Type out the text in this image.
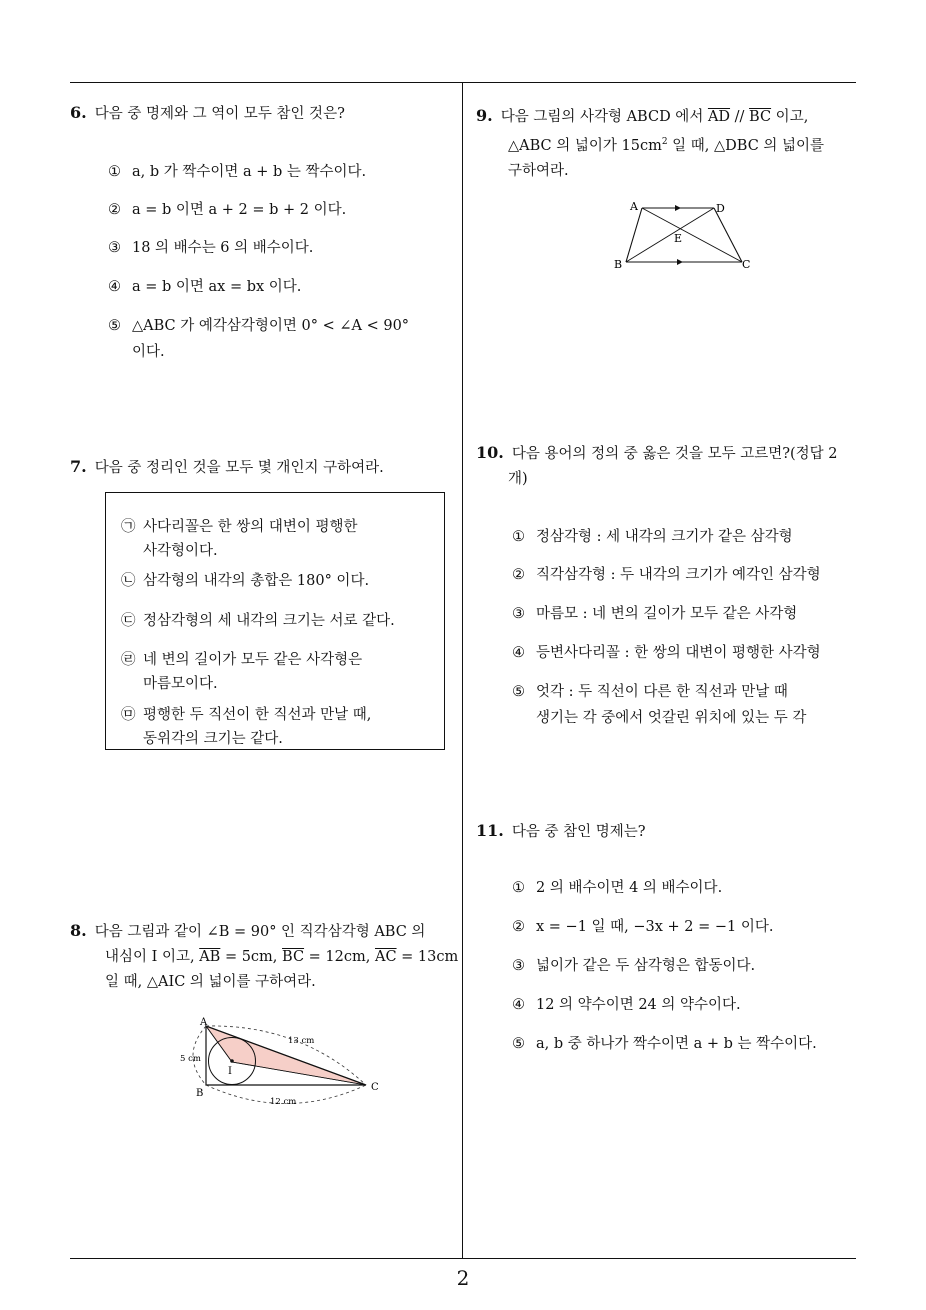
2
6. 다음 중 명제와 그 역이 모두 참인 것은?
① a, b 가 짝수이면 a + b 는 짝수이다.
② a = b 이면 a + 2 = b + 2 이다.
③ 18 의 배수는 6 의 배수이다.
④ a = b 이면 ax = bx 이다.
⑤ △ABC 가 예각삼각형이면 0° < ∠A < 90°
이다.
7. 다음 중 정리인 것을 모두 몇 개인지 구하여라.
㉠ 사다리꼴은 한 쌍의 대변이 평행한
사각형이다.
㉡ 삼각형의 내각의 총합은 180° 이다.
㉢ 정삼각형의 세 내각의 크기는 서로 같다.
㉣ 네 변의 길이가 모두 같은 사각형은
마름모이다.
㉤ 평행한 두 직선이 한 직선과 만날 때,
동위각의 크기는 같다.
8. 다음 그림과 같이 ∠B = 90° 인 직각삼각형 ABC 의
내심이 I 이고, $\overline{AB} = 5cm$, $\overline{BC} = 12cm$, $\overline{AC} = 13cm$
일 때, △AIC 의 넓이를 구하여라.
A
B
C
I
5 cm
12 cm
13 cm
9. 다음 그림의 사각형 ABCD 에서 $\overline{AD} // \overline{BC}$ 이고,
△ABC 의 넓이가 $15cm^2$ 일 때, △DBC 의 넓이를
구하여라.
A	D
B	C
E
10. 다음 용어의 정의 중 옳은 것을 모두 고르면?(정답 2
개)
① 정삼각형 : 세 내각의 크기가 같은 삼각형
② 직각삼각형 : 두 내각의 크기가 예각인 삼각형
③ 마름모 : 네 변의 길이가 모두 같은 사각형
④ 등변사다리꼴 : 한 쌍의 대변이 평행한 사각형
⑤ 엇각 : 두 직선이 다른 한 직선과 만날 때
생기는 각 중에서 엇갈린 위치에 있는 두 각
11. 다음 중 참인 명제는?
① 2 의 배수이면 4 의 배수이다.
② x = −1 일 때, −3x + 2 = −1 이다.
③ 넓이가 같은 두 삼각형은 합동이다.
④ 12 의 약수이면 24 의 약수이다.
⑤ a, b 중 하나가 짝수이면 a + b 는 짝수이다.
